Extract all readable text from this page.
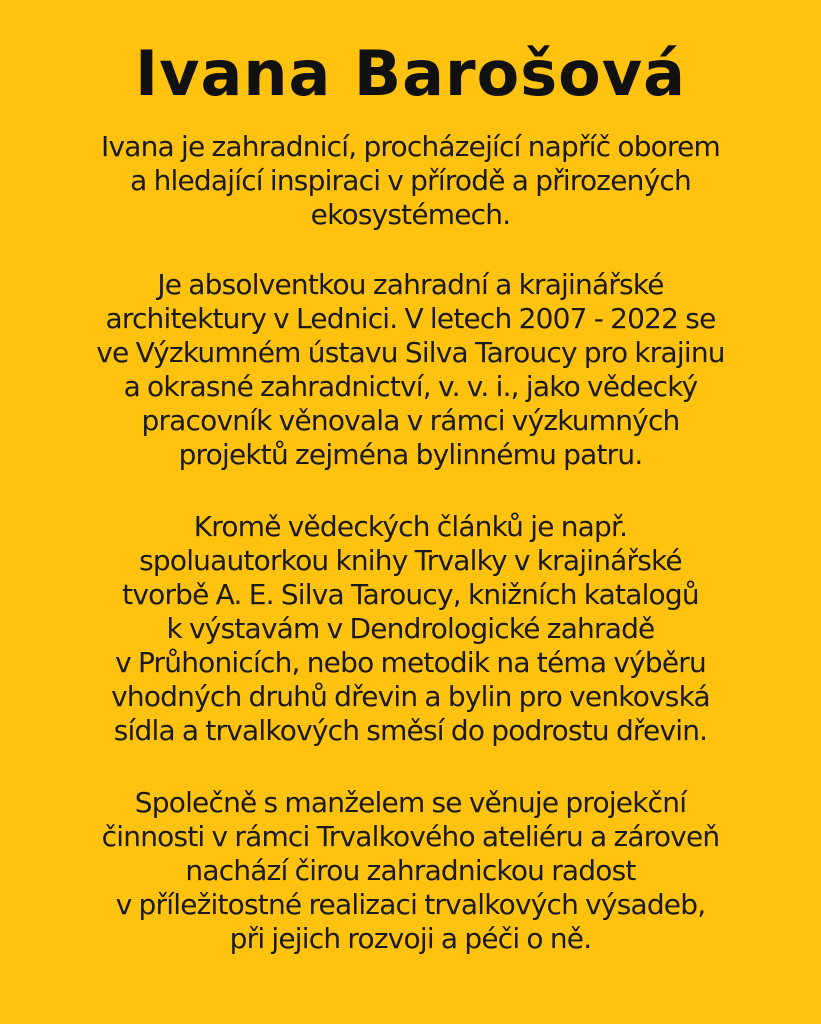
Ivana Barošová

Ivana je zahradnicí, procházející napříč oborem
a hledající inspiraci v přírodě a přirozených
ekosystémech.

Je absolventkou zahradní a krajinářské
architektury v Lednici. V letech 2007 - 2022 se
ve Výzkumném ústavu Silva Taroucy pro krajinu
a okrasné zahradnictví, v. v. i., jako vědecký
pracovník věnovala v rámci výzkumných
projektů zejména bylinnému patru.

Kromě vědeckých článků je např.
spoluautorkou knihy Trvalky v krajinářské
tvorbě A. E. Silva Taroucy, knižních katalogů
k výstavám v Dendrologické zahradě
v Průhonicích, nebo metodik na téma výběru
vhodných druhů dřevin a bylin pro venkovská
sídla a trvalkových směsí do podrostu dřevin.

Společně s manželem se věnuje projekční
činnosti v rámci Trvalkového ateliéru a zároveň
nachází čirou zahradnickou radost
v příležitostné realizaci trvalkových výsadeb,
při jejich rozvoji a péči o ně.
